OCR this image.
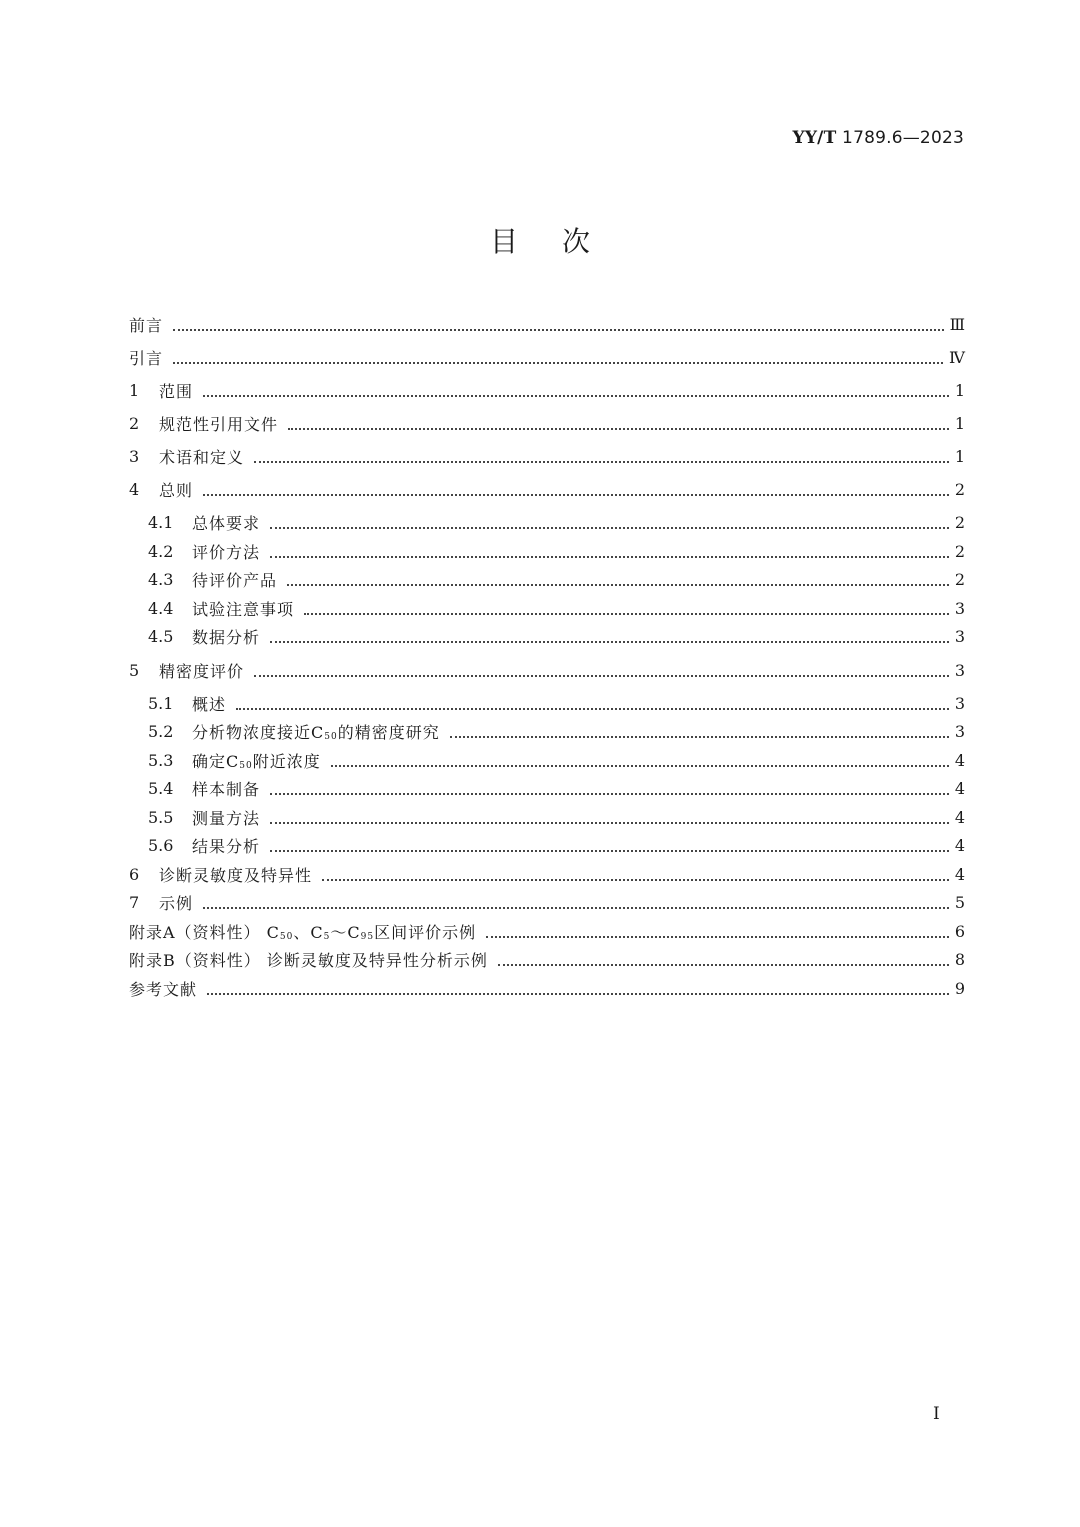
YY/T 1789.6—2023
目次
前言	Ⅲ
引言	Ⅳ
1	范围	1
2	规范性引用文件	1
3	术语和定义	1
4	总则	2
4.1	总体要求	2
4.2	评价方法	2
4.3	待评价产品	2
4.4	试验注意事项	3
4.5	数据分析	3
5	精密度评价	3
5.1	概述	3
5.2	分析物浓度接近$C_{50}$的精密度研究	3
5.3	确定$C_{50}$附近浓度	4
5.4	样本制备	4
5.5	测量方法	4
5.6	结果分析	4
6	诊断灵敏度及特异性	4
7	示例	5
附录A（资料性） $C_{50}$、$C_5\sim C_{95}$区间评价示例	6
附录B（资料性） 诊断灵敏度及特异性分析示例	8
参考文献	9
I
